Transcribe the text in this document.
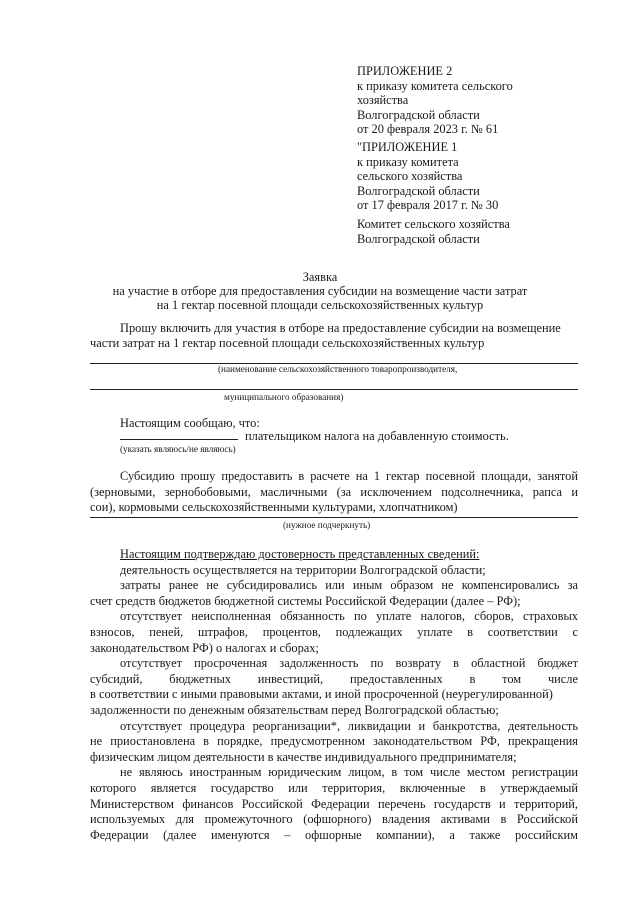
ПРИЛОЖЕНИЕ 2
к приказу комитета сельского
хозяйства
Волгоградской области
от 20 февраля 2023 г. № 61
"ПРИЛОЖЕНИЕ 1
к приказу комитета
сельского хозяйства
Волгоградской области
от 17 февраля 2017 г. № 30
Комитет сельского хозяйства
Волгоградской области
Заявка
на участие в отборе для предоставления субсидии на возмещение части затрат
на 1 гектар посевной площади сельскохозяйственных культур
Прошу включить для участия в отборе на предоставление субсидии на возмещение
части затрат на 1 гектар посевной площади сельскохозяйственных культур
(наименование сельскохозяйственного товаропроизводителя,
муниципального образования)
Настоящим сообщаю, что:
плательщиком налога на добавленную стоимость.
(указать являюсь/не являюсь)

Субсидию прошу предоставить в расчете на 1 гектар посевной площади, занятой

(зерновыми, зернобобовыми, масличными (за исключением подсолнечника, рапса и

сои), кормовыми сельскохозяйственными культурами, хлопчатником)

(нужное подчеркнуть)

Настоящим подтверждаю достоверность представленных сведений:

деятельность осуществляется на территории Волгоградской области;

затраты ранее не субсидировались или иным образом не компенсировались за

счет средств бюджетов бюджетной системы Российской Федерации (далее – РФ);

отсутствует неисполненная обязанность по уплате налогов, сборов, страховых

взносов, пеней, штрафов, процентов, подлежащих уплате в соответствии с

законодательством РФ) о налогах и сборах;

отсутствует просроченная задолженность по возврату в областной бюджет

субсидий, бюджетных инвестиций, предоставленных в том числе

в соответствии с иными правовыми актами, и иной просроченной (неурегулированной)

задолженности по денежным обязательствам перед Волгоградской областью;

отсутствует процедура реорганизации*, ликвидации и банкротства, деятельность

не приостановлена в порядке, предусмотренном законодательством РФ, прекращения

физическим лицом деятельности в качестве индивидуального предпринимателя;

не являюсь иностранным юридическим лицом, в том числе местом регистрации

которого является государство или территория, включенные в утверждаемый

Министерством финансов Российской Федерации перечень государств и территорий,

используемых для промежуточного (офшорного) владения активами в Российской

Федерации (далее именуются – офшорные компании), а также российским
